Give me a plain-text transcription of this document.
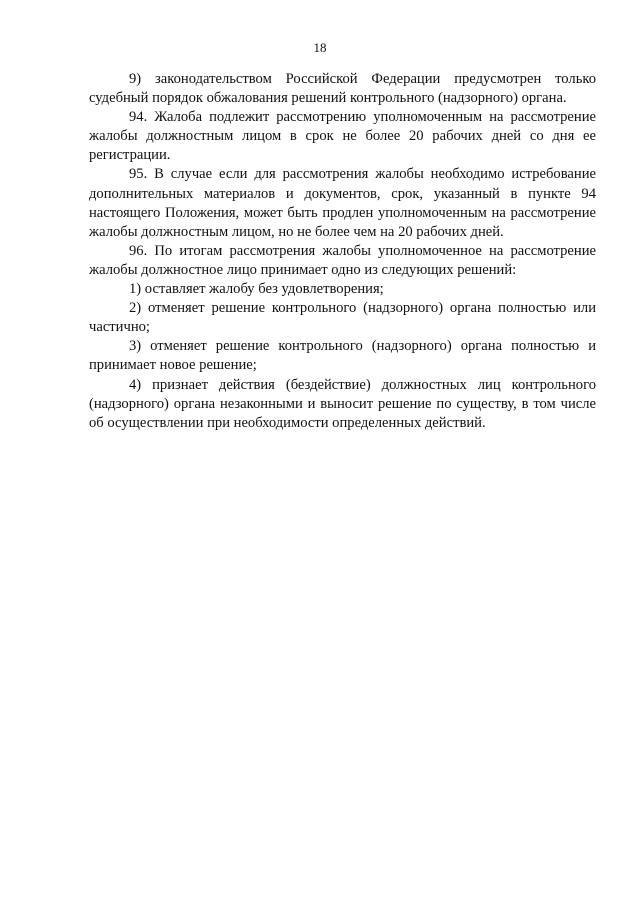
18

9) законодательством Российской Федерации предусмотрен только судебный порядок обжалования решений контрольного (надзорного) органа.

94. Жалоба подлежит рассмотрению уполномоченным на рассмотрение жалобы должностным лицом в срок не более 20 рабочих дней со дня ее регистрации.

95. В случае если для рассмотрения жалобы необходимо истребование дополнительных материалов и документов, срок, указанный в пункте 94 настоящего Положения, может быть продлен уполномоченным на рассмотрение жалобы должностным лицом, но не более чем на 20 рабочих дней.

96. По итогам рассмотрения жалобы уполномоченное на рассмотрение жалобы должностное лицо принимает одно из следующих решений:

1) оставляет жалобу без удовлетворения;

2) отменяет решение контрольного (надзорного) органа полностью или частично;

3) отменяет решение контрольного (надзорного) органа полностью и принимает новое решение;

4) признает действия (бездействие) должностных лиц контрольного (надзорного) органа незаконными и выносит решение по существу, в том числе об осуществлении при необходимости определенных действий.
